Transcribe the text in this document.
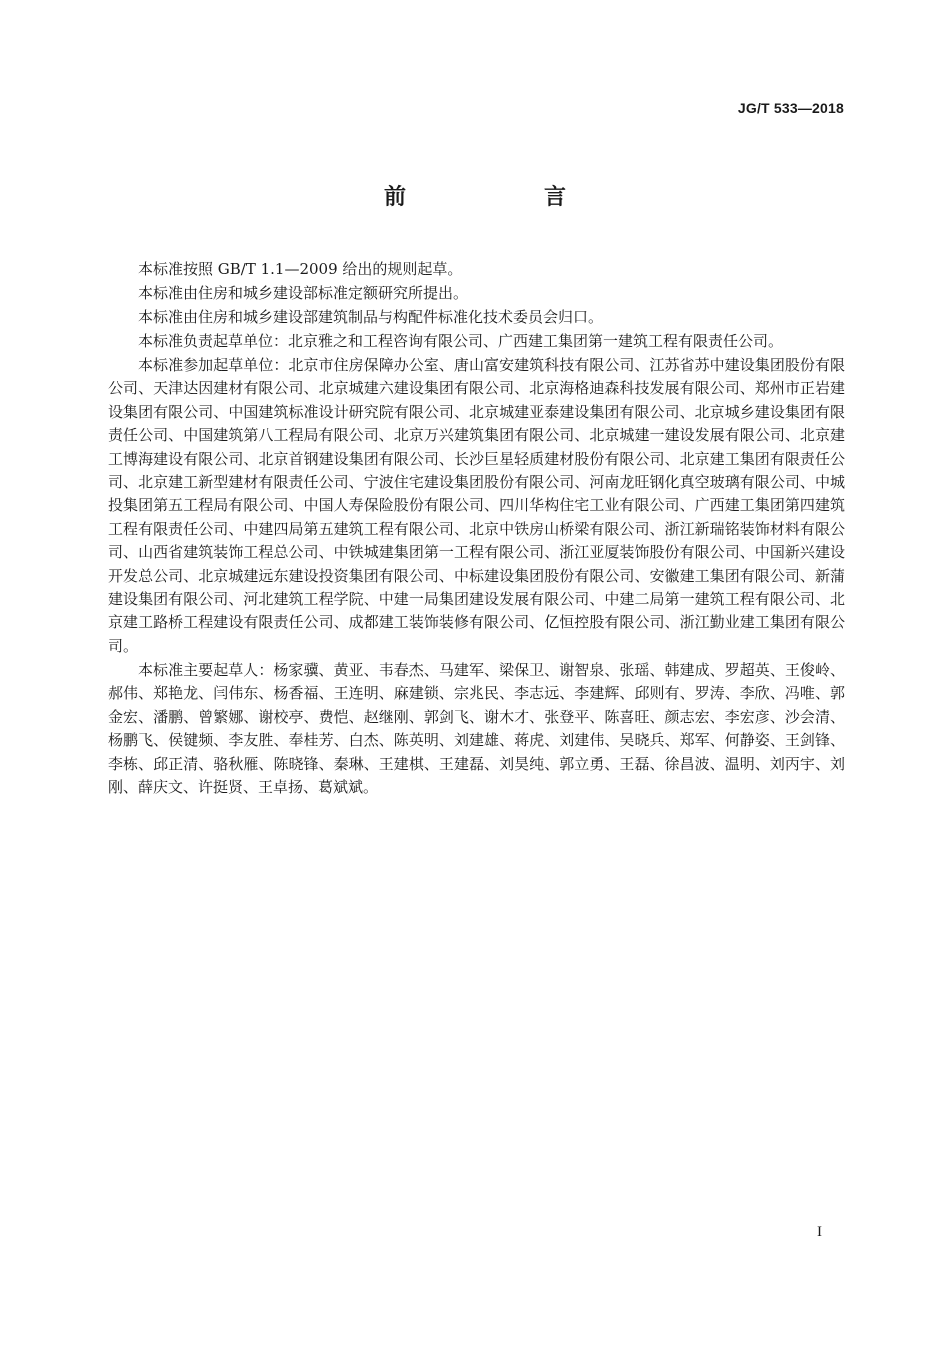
JG/T 533—2018
前　言

本标准按照 GB/T 1.1—2009 给出的规则起草。

本标准由住房和城乡建设部标准定额研究所提出。

本标准由住房和城乡建设部建筑制品与构配件标准化技术委员会归口。

本标准负责起草单位：北京雅之和工程咨询有限公司、广西建工集团第一建筑工程有限责任公司。

本标准参加起草单位：北京市住房保障办公室、唐山富安建筑科技有限公司、江苏省苏中建设集团股份有限公司、天津达因建材有限公司、北京城建六建设集团有限公司、北京海格迪森科技发展有限公司、郑州市正岩建设集团有限公司、中国建筑标准设计研究院有限公司、北京城建亚泰建设集团有限公司、北京城乡建设集团有限责任公司、中国建筑第八工程局有限公司、北京万兴建筑集团有限公司、北京城建一建设发展有限公司、北京建工博海建设有限公司、北京首钢建设集团有限公司、长沙巨星轻质建材股份有限公司、北京建工集团有限责任公司、北京建工新型建材有限责任公司、宁波住宅建设集团股份有限公司、河南龙旺钢化真空玻璃有限公司、中城投集团第五工程局有限公司、中国人寿保险股份有限公司、四川华构住宅工业有限公司、广西建工集团第四建筑工程有限责任公司、中建四局第五建筑工程有限公司、北京中铁房山桥梁有限公司、浙江新瑞铭装饰材料有限公司、山西省建筑装饰工程总公司、中铁城建集团第一工程有限公司、浙江亚厦装饰股份有限公司、中国新兴建设开发总公司、北京城建远东建设投资集团有限公司、中标建设集团股份有限公司、安徽建工集团有限公司、新蒲建设集团有限公司、河北建筑工程学院、中建一局集团建设发展有限公司、中建二局第一建筑工程有限公司、北京建工路桥工程建设有限责任公司、成都建工装饰装修有限公司、亿恒控股有限公司、浙江勤业建工集团有限公司。

本标准主要起草人：杨家骥、黄亚、韦春杰、马建军、梁保卫、谢智泉、张瑶、韩建成、罗超英、王俊岭、郝伟、郑艳龙、闫伟东、杨香福、王连明、麻建锁、宗兆民、李志远、李建辉、邱则有、罗涛、李欣、冯唯、郭金宏、潘鹏、曾繁娜、谢校亭、费恺、赵继刚、郭剑飞、谢木才、张登平、陈喜旺、颜志宏、李宏彦、沙会清、杨鹏飞、侯键频、李友胜、奉桂芳、白杰、陈英明、刘建雄、蒋虎、刘建伟、吴晓兵、郑军、何静姿、王剑锋、李栋、邱正清、骆秋雁、陈晓锋、秦琳、王建棋、王建磊、刘昊纯、郭立勇、王磊、徐昌波、温明、刘丙宇、刘刚、薛庆文、许挺贤、王卓扬、葛斌斌。

I
